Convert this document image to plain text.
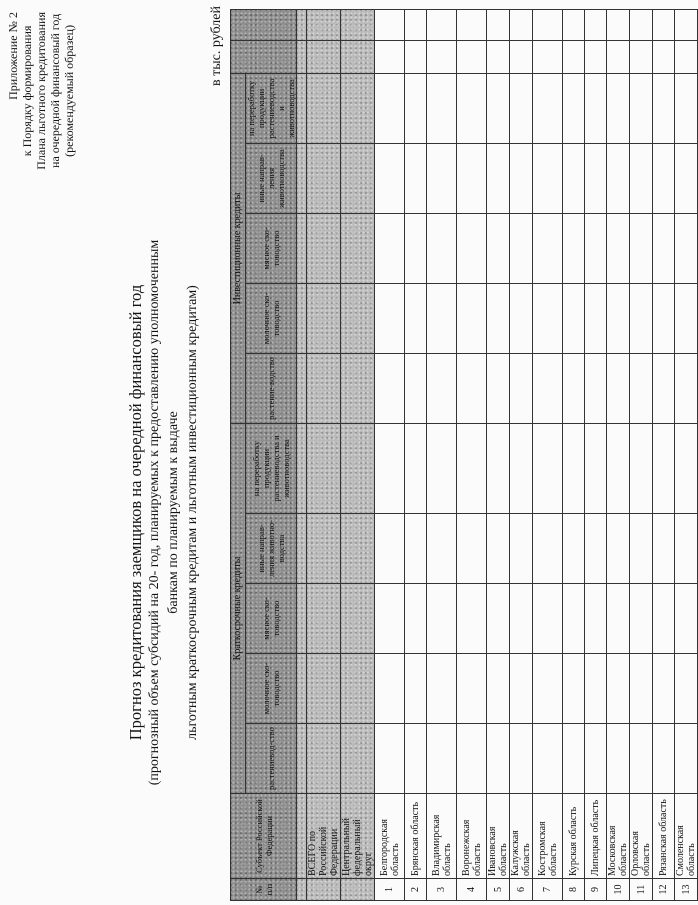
Приложение № 2 к Порядку формирования Плана льготного кредитования на очередной финансовый год (рекомендуемый образец)
Прогноз кредитования заемщиков на очередной финансовый год (прогнозный объем субсидий на 20- год, планируемых к предоставлению уполномоченным банкам по планируемым к выдаче льготным краткосрочным кредитам и льготным инвестиционным кредитам)
в тыс. рублей
№ п/п	Субъект Российской Федерации	Краткосрочные кредиты					Инвестиционные кредиты						
		растениевод-ство	молочное ско-товодство	мясное ско-товодство	иные направ-ления животно-водства	на переработку продукции растениеводства и животноводства	растение-водство	молочное ско-товодство	мясное ско-товодство	иные направ-ления животноводства	на переработку продукции растениеводства и животноводства		

	ВСЕГО по Российской Федерации												
	Центральный федеральный округ												
1	Белгородская область												
2	Брянская область												
3	Владимирская область												
4	Воронежская область												
5	Ивановская область												
6	Калужская область												
7	Костромская область												
8	Курская область												
9	Липецкая область												
10	Московская область												
11	Орловская область												
12	Рязанская область												
13	Смоленская область												
